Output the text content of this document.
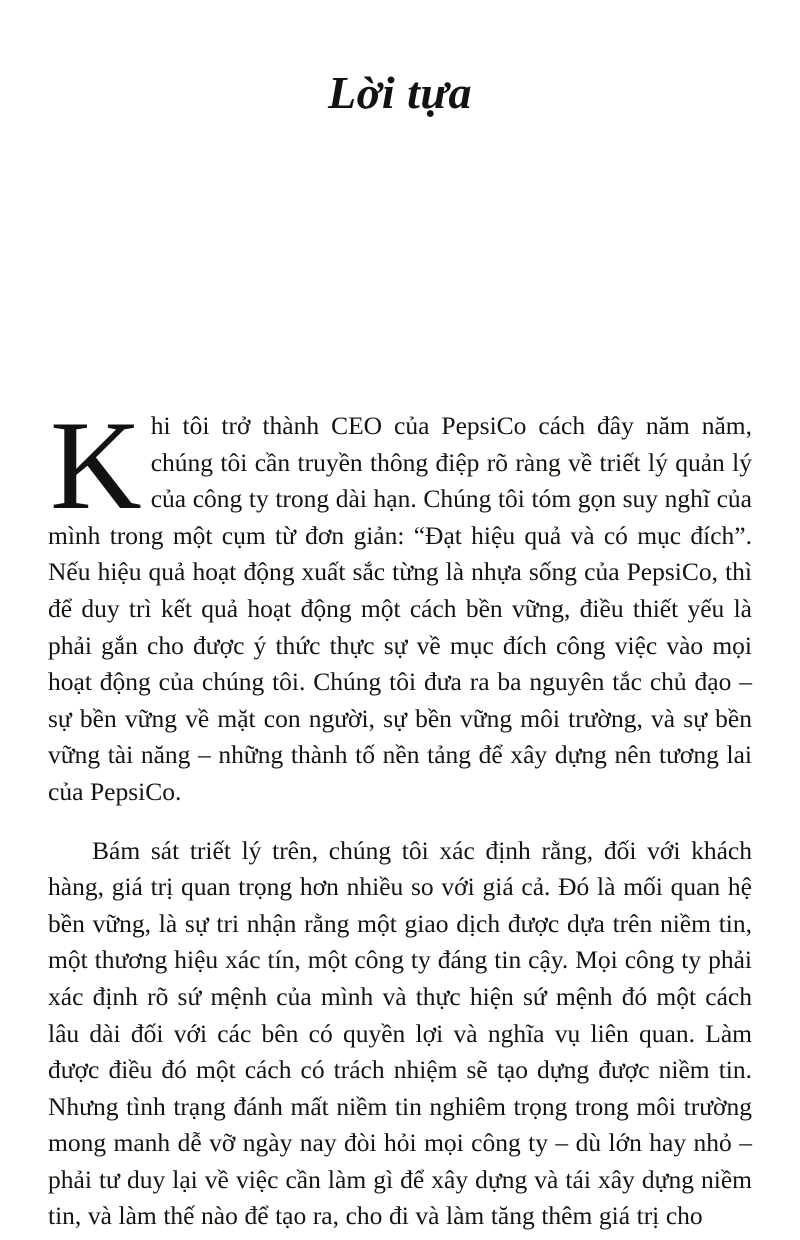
Lời tựa

Khi tôi trở thành CEO của PepsiCo cách đây năm năm, chúng tôi cần truyền thông điệp rõ ràng về triết lý quản lý của công ty trong dài hạn. Chúng tôi tóm gọn suy nghĩ của mình trong một cụm từ đơn giản: “Đạt hiệu quả và có mục đích”. Nếu hiệu quả hoạt động xuất sắc từng là nhựa sống của PepsiCo, thì để duy trì kết quả hoạt động một cách bền vững, điều thiết yếu là phải gắn cho được ý thức thực sự về mục đích công việc vào mọi hoạt động của chúng tôi. Chúng tôi đưa ra ba nguyên tắc chủ đạo – sự bền vững về mặt con người, sự bền vững môi trường, và sự bền vững tài năng – những thành tố nền tảng để xây dựng nên tương lai của PepsiCo.

Bám sát triết lý trên, chúng tôi xác định rằng, đối với khách hàng, giá trị quan trọng hơn nhiều so với giá cả. Đó là mối quan hệ bền vững, là sự tri nhận rằng một giao dịch được dựa trên niềm tin, một thương hiệu xác tín, một công ty đáng tin cậy. Mọi công ty phải xác định rõ sứ mệnh của mình và thực hiện sứ mệnh đó một cách lâu dài đối với các bên có quyền lợi và nghĩa vụ liên quan. Làm được điều đó một cách có trách nhiệm sẽ tạo dựng được niềm tin. Nhưng tình trạng đánh mất niềm tin nghiêm trọng trong môi trường mong manh dễ vỡ ngày nay đòi hỏi mọi công ty – dù lớn hay nhỏ – phải tư duy lại về việc cần làm gì để xây dựng và tái xây dựng niềm tin, và làm thế nào để tạo ra, cho đi và làm tăng thêm giá trị cho
